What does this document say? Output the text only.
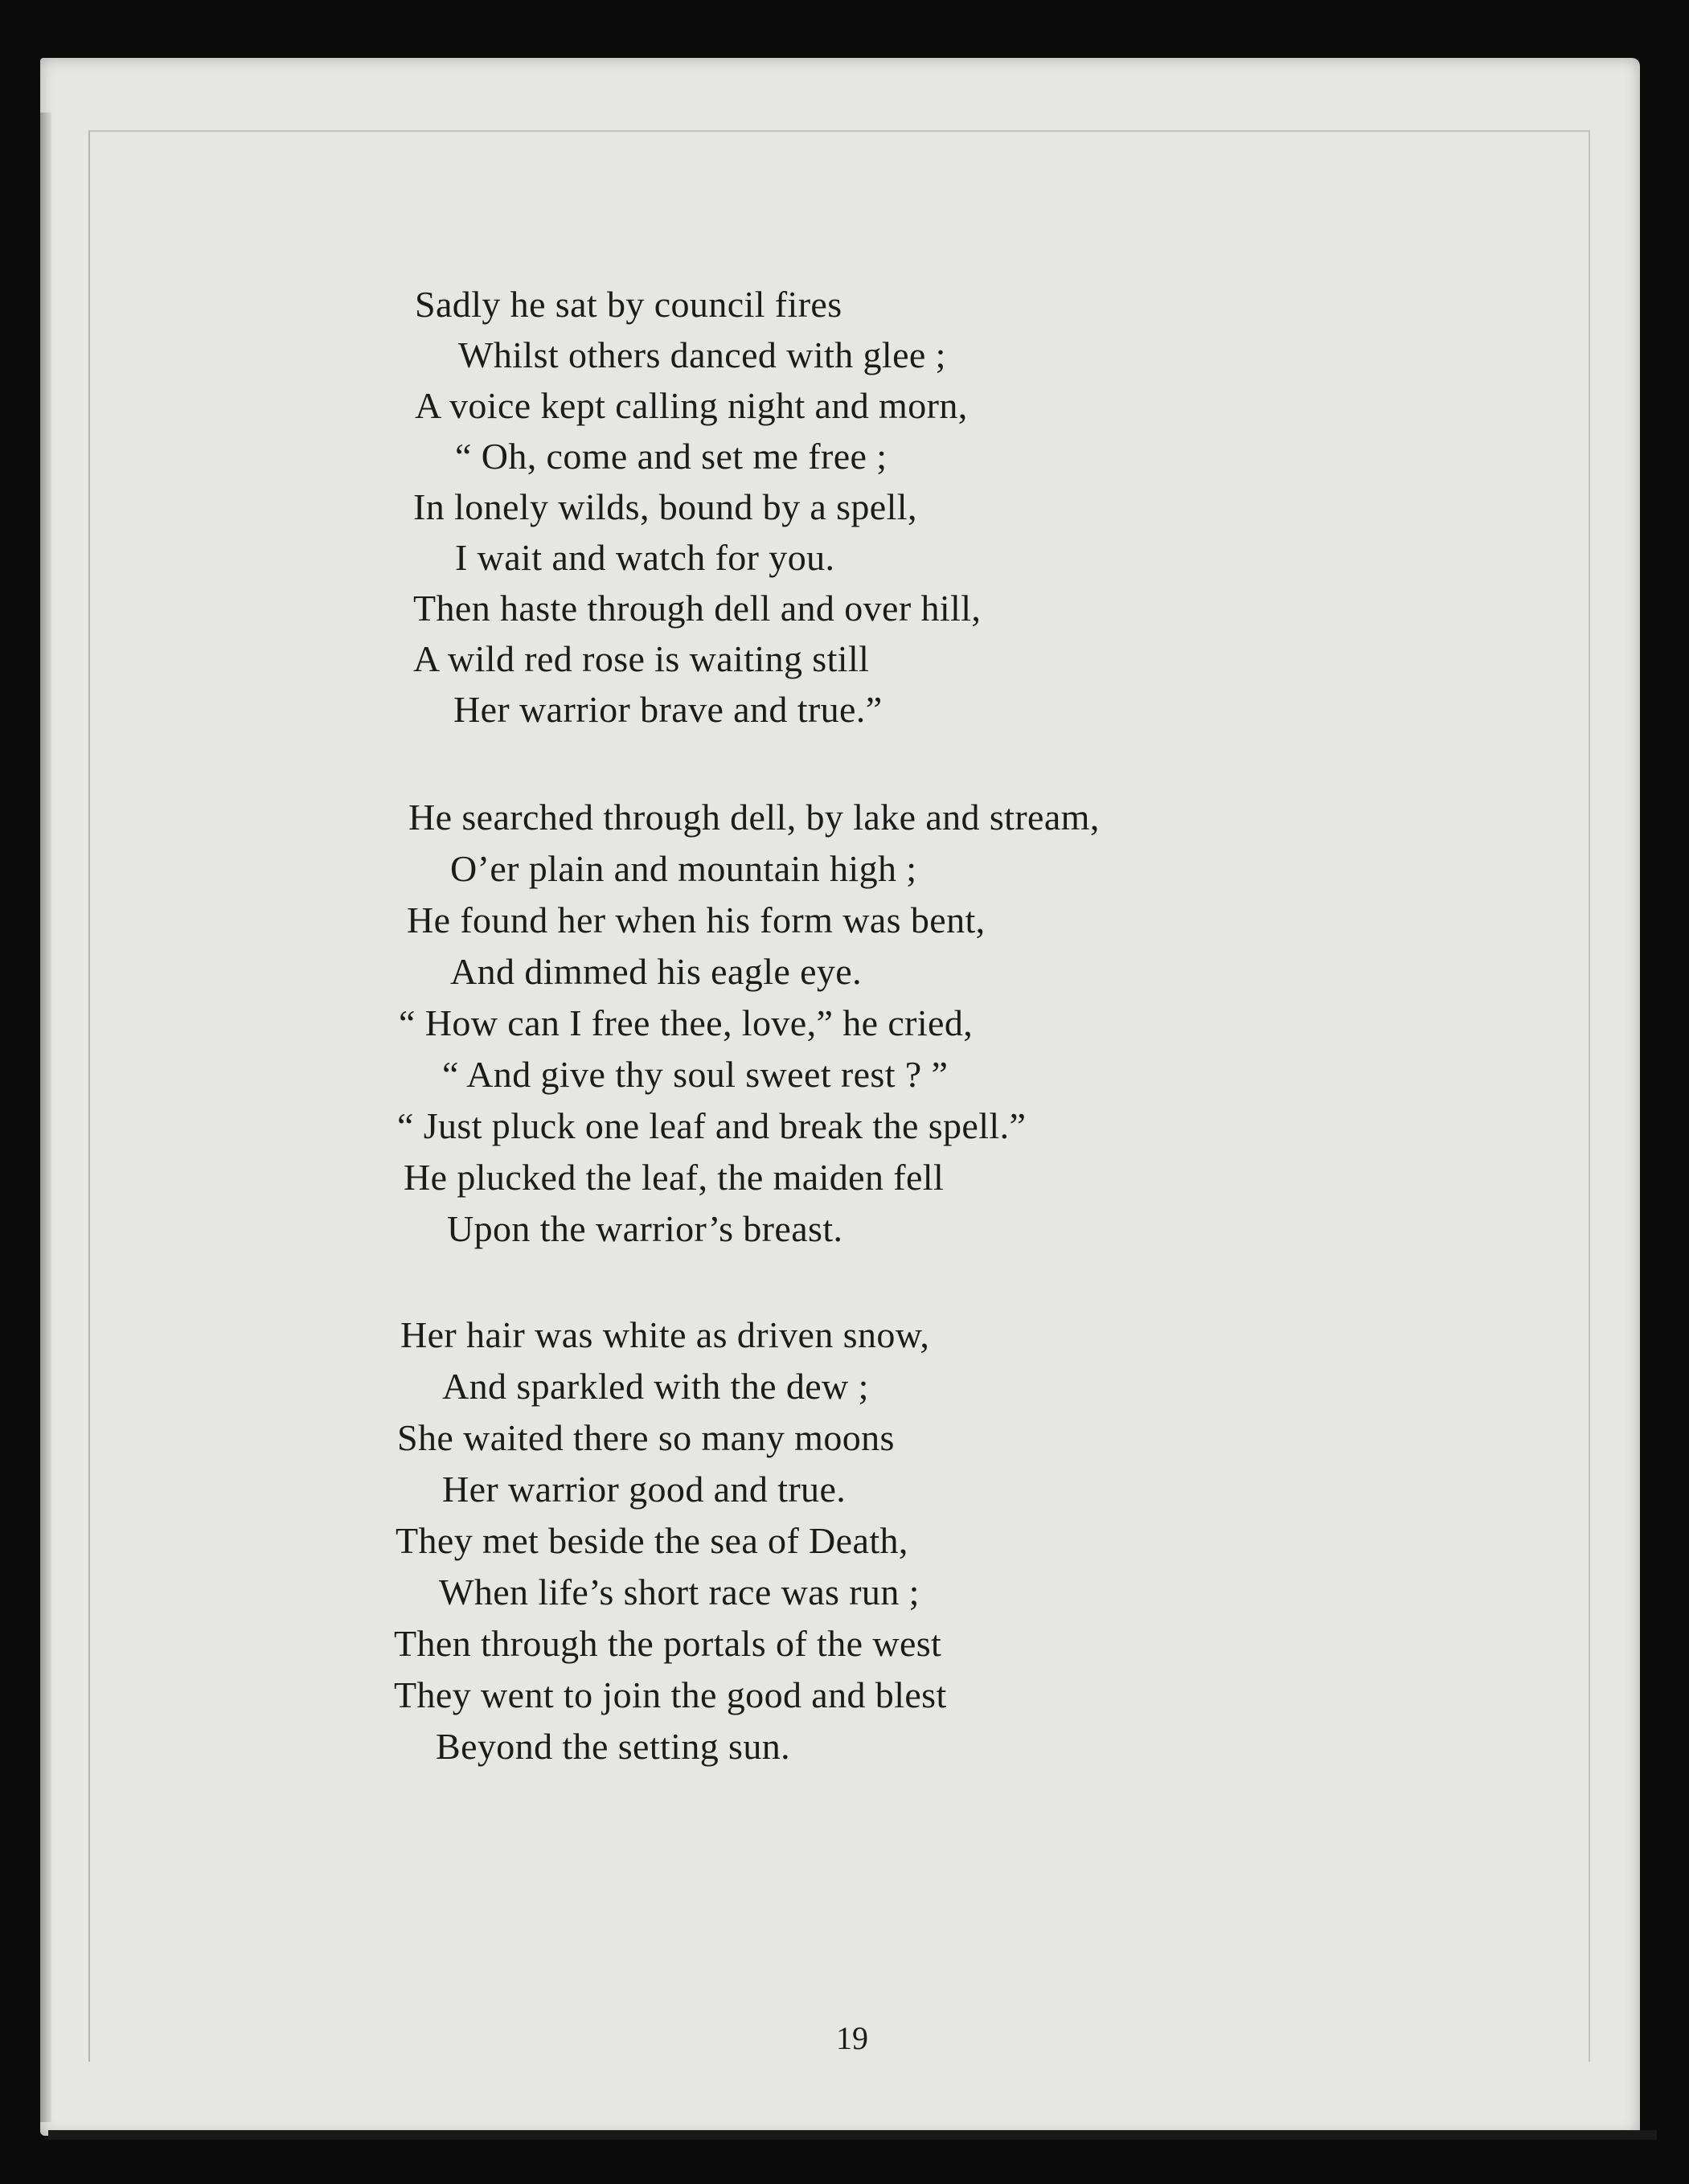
Sadly he sat by council fires
Whilst others danced with glee ;
A voice kept calling night and morn,
“ Oh, come and set me free ;
In lonely wilds, bound by a spell,
I wait and watch for you.
Then haste through dell and over hill,
A wild red rose is waiting still
Her warrior brave and true.”
He searched through dell, by lake and stream,
O’er plain and mountain high ;
He found her when his form was bent,
And dimmed his eagle eye.
“ How can I free thee, love,” he cried,
“ And give thy soul sweet rest ? ”
“ Just pluck one leaf and break the spell.”
He plucked the leaf, the maiden fell
Upon the warrior’s breast.
Her hair was white as driven snow,
And sparkled with the dew ;
She waited there so many moons
Her warrior good and true.
They met beside the sea of Death,
When life’s short race was run ;
Then through the portals of the west
They went to join the good and blest
Beyond the setting sun.
19
